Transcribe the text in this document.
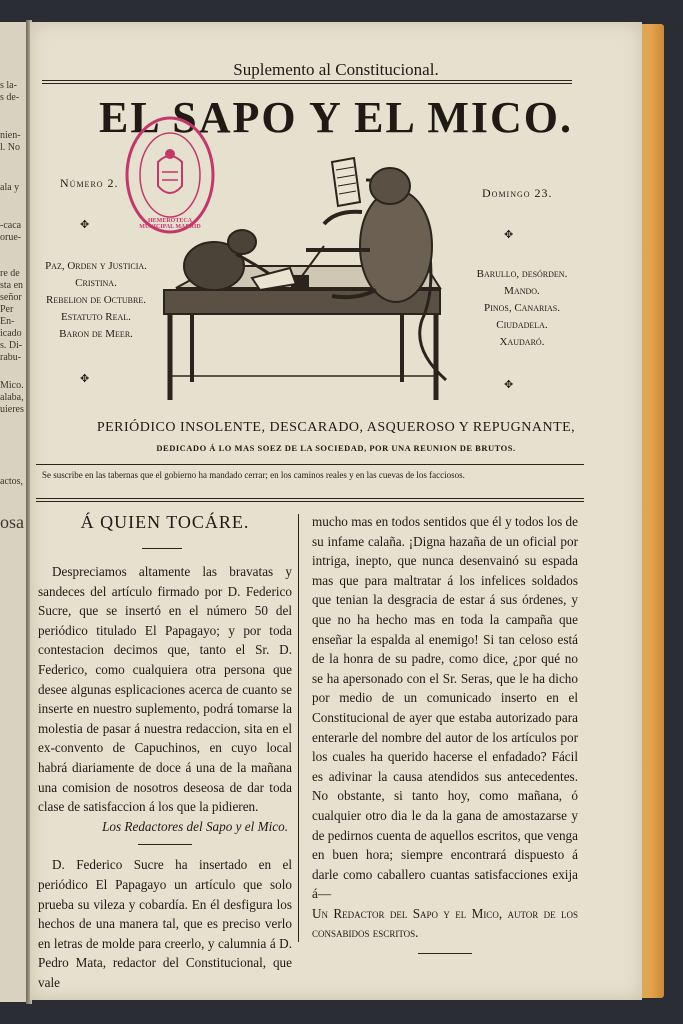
s la-
s de-
nien-
l. No
ala y
-caca
orue-
re de
sta en
señor
Per
En-
icado
s. Di-
rabu-
Mico.
alaba,
uieres
actos,
osa
Suplemento al Constitucional.
EL SAPO Y EL MICO.
Número 2.
Domingo 23.
✥
✥
✥	✥
Paz, Orden y Justicia.
Cristina.
Rebelion de Octubre.
Estatuto Real.
Baron de Meer.
Barullo, desórden.
Mando.
Pinos, Canarias.
Ciudadela.
Xaudaró.
HEMEROTECA MUNICIPAL MADRID
PERIÓDICO INSOLENTE, DESCARADO, ASQUEROSO Y REPUGNANTE,
DEDICADO Á LO MAS SOEZ DE LA SOCIEDAD, POR UNA REUNION DE BRUTOS.
Se suscribe en las tabernas que el gobierno ha mandado cerrar; en los caminos reales y en las cuevas de los facciosos.
Á QUIEN TOCÁRE.

Despreciamos altamente las bravatas y sandeces del artículo firmado por D. Federico Sucre, que se insertó en el número 50 del periódico titulado El Papagayo; y por toda contestacion decimos que, tanto el Sr. D. Federico, como cualquiera otra persona que desee algunas esplicaciones acerca de cuanto se inserte en nuestro suplemento, podrá tomarse la molestia de pasar á nuestra redaccion, sita en el ex-convento de Capuchinos, en cuyo local habrá diariamente de doce á una de la mañana una comision de nosotros deseosa de dar toda clase de satisfaccion á los que la pidieren.

Los Redactores del Sapo y el Mico.

D. Federico Sucre ha insertado en el periódico El Papagayo un artículo que solo prueba su vileza y cobardía. En él desfigura los hechos de una manera tal, que es preciso verlo en letras de molde para creerlo, y calumnia á D. Pedro Mata, redactor del Constitucional, que vale

mucho mas en todos sentidos que él y todos los de su infame calaña. ¡Digna hazaña de un oficial por intriga, inepto, que nunca desenvainó su espada mas que para maltratar á los infelices soldados que tenian la desgracia de estar á sus órdenes, y que no ha hecho mas en toda la campaña que enseñar la espalda al enemigo! Si tan celoso está de la honra de su padre, como dice, ¿por qué no se ha apersonado con el Sr. Seras, que le ha dicho por medio de un comunicado inserto en el Constitucional de ayer que estaba autorizado para enterarle del nombre del autor de los artículos por los cuales ha querido hacerse el enfadado? Fácil es adivinar la causa atendidos sus antecedentes. No obstante, si tanto hoy, como mañana, ó cualquier otro dia le da la gana de amostazarse y de pedirnos cuenta de aquellos escritos, que venga en buen hora; siempre encontrará dispuesto á darle como caballero cuantas satisfacciones exija á—

Un Redactor del Sapo y el Mico, autor de los consabidos escritos.
